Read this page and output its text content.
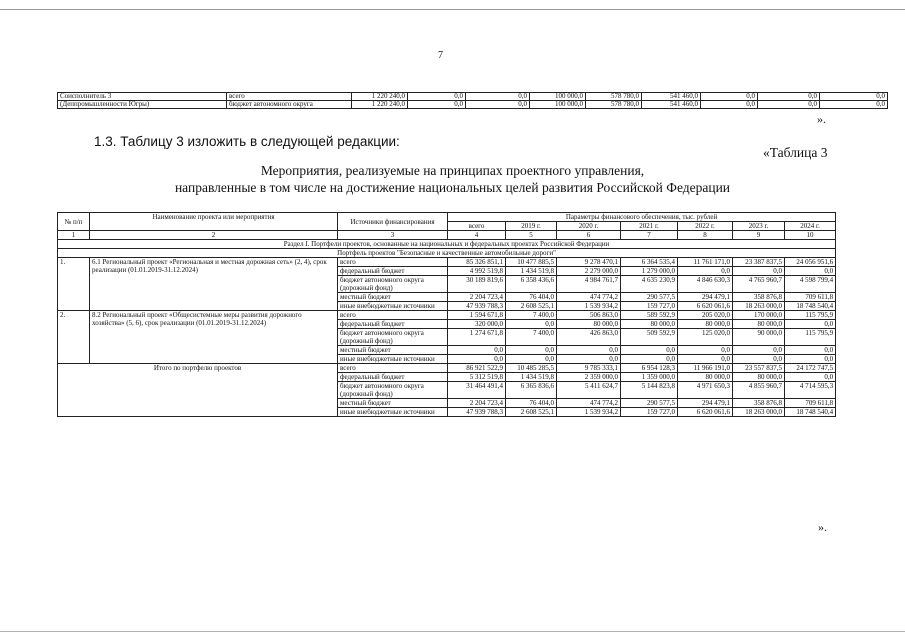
7
Соисполнитель 3	всего	1 220 240,0	0,0	0,0	100 000,0	578 780,0	541 460,0	0,0	0,0	0,0
(Деппромышленности Югры)	бюджет автономного округа	1 220 240,0	0,0	0,0	100 000,0	578 780,0	541 460,0	0,0	0,0	0,0
».
1.3. Таблицу 3 изложить в следующей редакции:
«Таблица 3
Мероприятия, реализуемые на принципах проектного управления,
направленные в том числе на достижение национальных целей развития Российской Федерации
№ п/п	Наименование проекта или мероприятия	Источники финансирования	Параметры финансового обеспечения, тыс. рублей						
			всего	2019 г.	2020 г.	2021 г.	2022 г.	2023 г.	2024 г.
1	2	3	4	5	6	7	8	9	10
Раздел I. Портфели проектов, основанные на национальных и федеральных проектах Российской Федерации									
Портфель проектов "Безопасные и качественные автомобильные дороги"									
1.	6.1 Региональный проект «Региональная и местная дорожная сеть» (2, 4), срок реализации (01.01.2019-31.12.2024)	всего	85 326 851,1	10 477 885,5	9 278 470,1	6 364 535,4	11 761 171,0	23 387 837,5	24 056 951,6
		федеральный бюджет	4 992 519,8	1 434 519,8	2 279 000,0	1 279 000,0	0,0	0,0	0,0
		бюджет автономного округа (дорожный фонд)	30 189 819,6	6 358 436,6	4 984 761,7	4 635 230,9	4 846 630,3	4 765 960,7	4 598 799,4
		местный бюджет	2 204 723,4	76 404,0	474 774,2	290 577,5	294 479,1	358 876,8	709 611,8
		иные внебюджетные источники	47 939 788,3	2 608 525,1	1 539 934,2	159 727,0	6 620 061,6	18 263 000,0	18 748 540,4
2.	8.2 Региональный проект «Общесистемные меры развития дорожного хозяйства» (5, 6), срок реализации (01.01.2019-31.12.2024)	всего	1 594 671,8	7 400,0	506 863,0	589 592,9	205 020,0	170 000,0	115 795,9
		федеральный бюджет	320 000,0	0,0	80 000,0	80 000,0	80 000,0	80 000,0	0,0
		бюджет автономного округа (дорожный фонд)	1 274 671,8	7 400,0	426 863,0	509 592,9	125 020,0	90 000,0	115 795,9
		местный бюджет	0,0	0,0	0,0	0,0	0,0	0,0	0,0
		иные внебюджетные источники	0,0	0,0	0,0	0,0	0,0	0,0	0,0
Итого по портфелю проектов		всего	86 921 522,9	10 485 285,5	9 785 333,1	6 954 128,3	11 966 191,0	23 557 837,5	24 172 747,5
		федеральный бюджет	5 312 519,8	1 434 519,8	2 359 000,0	1 359 000,0	80 000,0	80 000,0	0,0
		бюджет автономного округа (дорожный фонд)	31 464 491,4	6 365 836,6	5 411 624,7	5 144 823,8	4 971 650,3	4 855 960,7	4 714 595,3
		местный бюджет	2 204 723,4	76 404,0	474 774,2	290 577,5	294 479,1	358 876,8	709 611,8
		иные внебюджетные источники	47 939 788,3	2 608 525,1	1 539 934,2	159 727,0	6 620 061,6	18 263 000,0	18 748 540,4
».
